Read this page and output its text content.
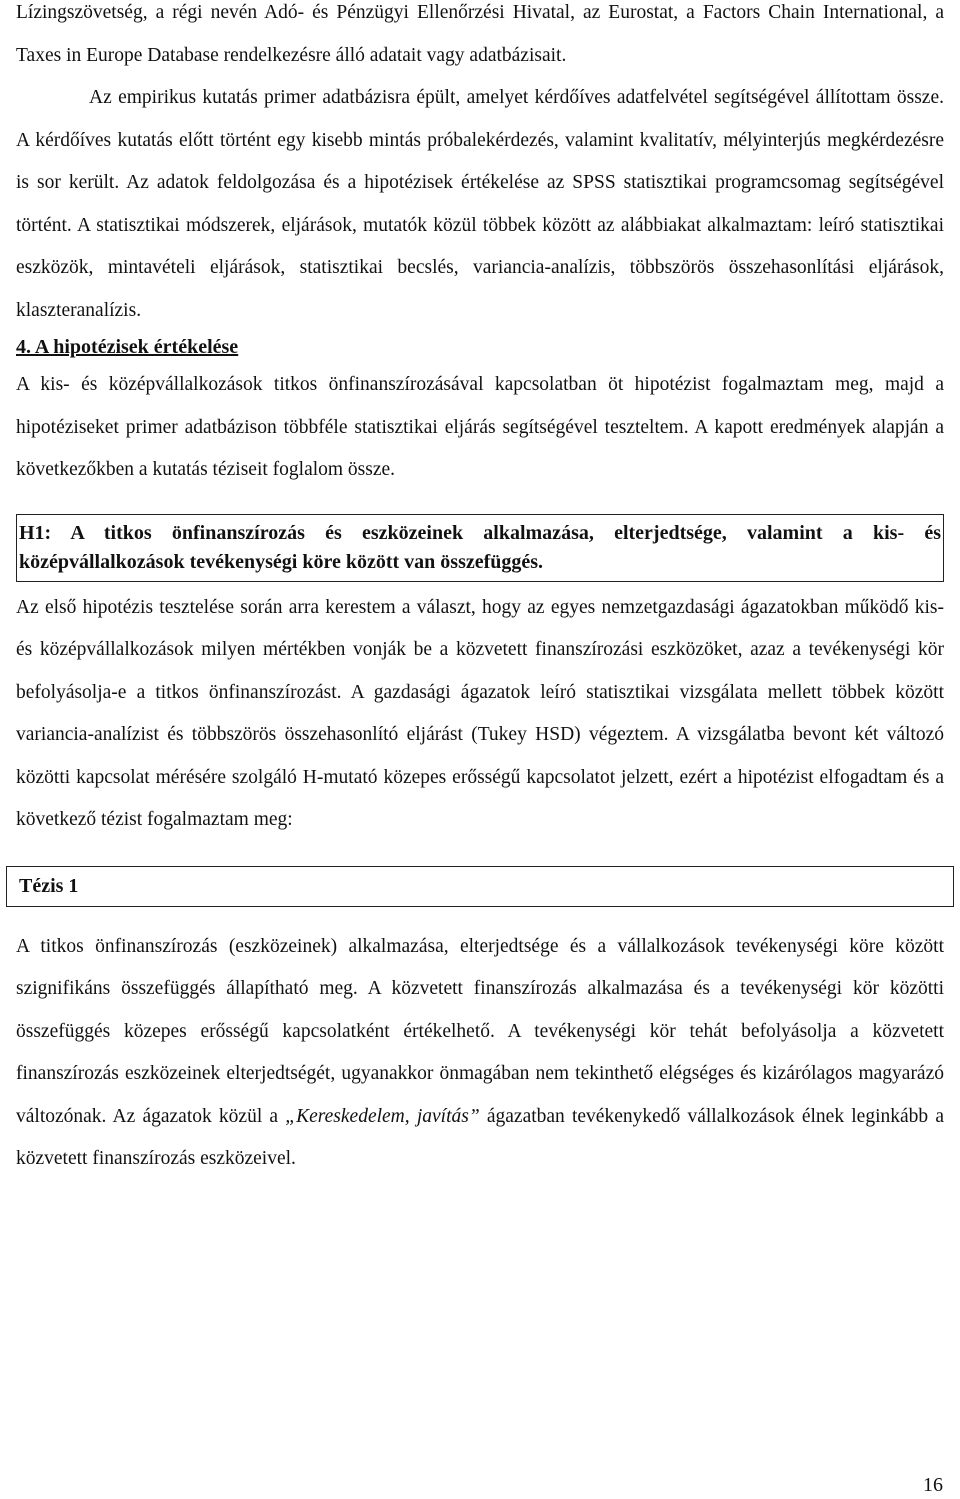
Lízingszövetség, a régi nevén Adó- és Pénzügyi Ellenőrzési Hivatal, az Eurostat, a Factors Chain International, a Taxes in Europe Database rendelkezésre álló adatait vagy adatbázisait.

Az empirikus kutatás primer adatbázisra épült, amelyet kérdőíves adatfelvétel segítségével állítottam össze. A kérdőíves kutatás előtt történt egy kisebb mintás próbalekérdezés, valamint kvalitatív, mélyinterjús megkérdezésre is sor került. Az adatok feldolgozása és a hipotézisek értékelése az SPSS statisztikai programcsomag segítségével történt. A statisztikai módszerek, eljárások, mutatók közül többek között az alábbiakat alkalmaztam: leíró statisztikai eszközök, mintavételi eljárások, statisztikai becslés, variancia-analízis, többszörös összehasonlítási eljárások, klaszteranalízis.

4. A hipotézisek értékelése

A kis- és középvállalkozások titkos önfinanszírozásával kapcsolatban öt hipotézist fogalmaztam meg, majd a hipotéziseket primer adatbázison többféle statisztikai eljárás segítségével teszteltem. A kapott eredmények alapján a következőkben a kutatás téziseit foglalom össze.

H1: A titkos önfinanszírozás és eszközeinek alkalmazása, elterjedtsége, valamint a kis- és középvállalkozások tevékenységi köre között van összefüggés.

Az első hipotézis tesztelése során arra kerestem a választ, hogy az egyes nemzetgazdasági ágazatokban működő kis- és középvállalkozások milyen mértékben vonják be a közvetett finanszírozási eszközöket, azaz a tevékenységi kör befolyásolja-e a titkos önfinanszírozást. A gazdasági ágazatok leíró statisztikai vizsgálata mellett többek között variancia-analízist és többszörös összehasonlító eljárást (Tukey HSD) végeztem. A vizsgálatba bevont két változó közötti kapcsolat mérésére szolgáló H-mutató közepes erősségű kapcsolatot jelzett, ezért a hipotézist elfogadtam és a következő tézist fogalmaztam meg:

Tézis 1

A titkos önfinanszírozás (eszközeinek) alkalmazása, elterjedtsége és a vállalkozások tevékenységi köre között szignifikáns összefüggés állapítható meg. A közvetett finanszírozás alkalmazása és a tevékenységi kör közötti összefüggés közepes erősségű kapcsolatként értékelhető. A tevékenységi kör tehát befolyásolja a közvetett finanszírozás eszközeinek elterjedtségét, ugyanakkor önmagában nem tekinthető elégséges és kizárólagos magyarázó változónak. Az ágazatok közül a „Kereskedelem, javítás” ágazatban tevékenykedő vállalkozások élnek leginkább a közvetett finanszírozás eszközeivel.

16
